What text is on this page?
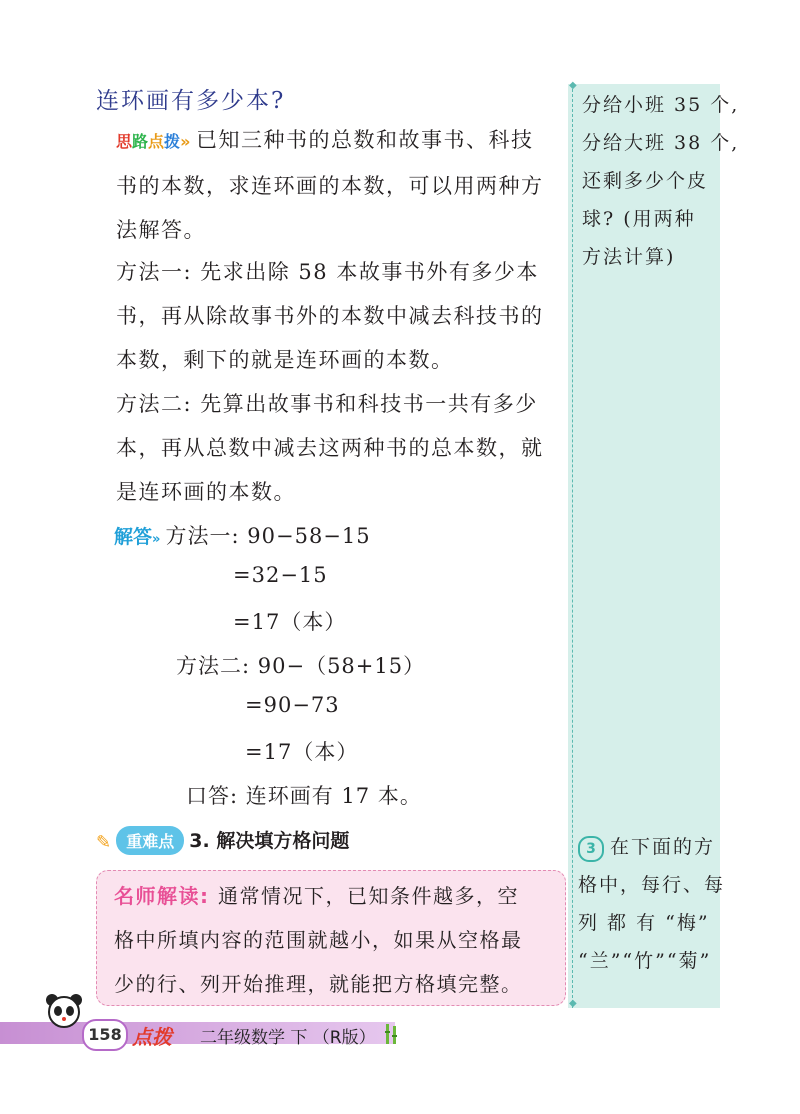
◆
◆
分给小班 35 个,
分给大班 38 个,
还剩多少个皮
球? (用两种
方法计算)
3 在下面的方
格中，每行、每
列 都 有 “梅”
“兰”“竹”“菊”
连环画有多少本?
思路点拨» 已知三种书的总数和故事书、科技
书的本数，求连环画的本数，可以用两种方
法解答。
方法一: 先求出除 58 本故事书外有多少本
书，再从除故事书外的本数中减去科技书的
本数，剩下的就是连环画的本数。
方法二: 先算出故事书和科技书一共有多少
本，再从总数中减去这两种书的总本数，就
是连环画的本数。
解答» 方法一: 90−58−15
=32−15
=17（本）
方法二: 90−（58+15）
=90−73
=17（本）
口答: 连环画有 17 本。
✎ 重难点 3. 解决填方格问题
名师解读: 通常情况下，已知条件越多，空
格中所填内容的范围就越小，如果从空格最
少的行、列开始推理，就能把方格填完整。
158 点拨 二年级数学 下 （R版）
